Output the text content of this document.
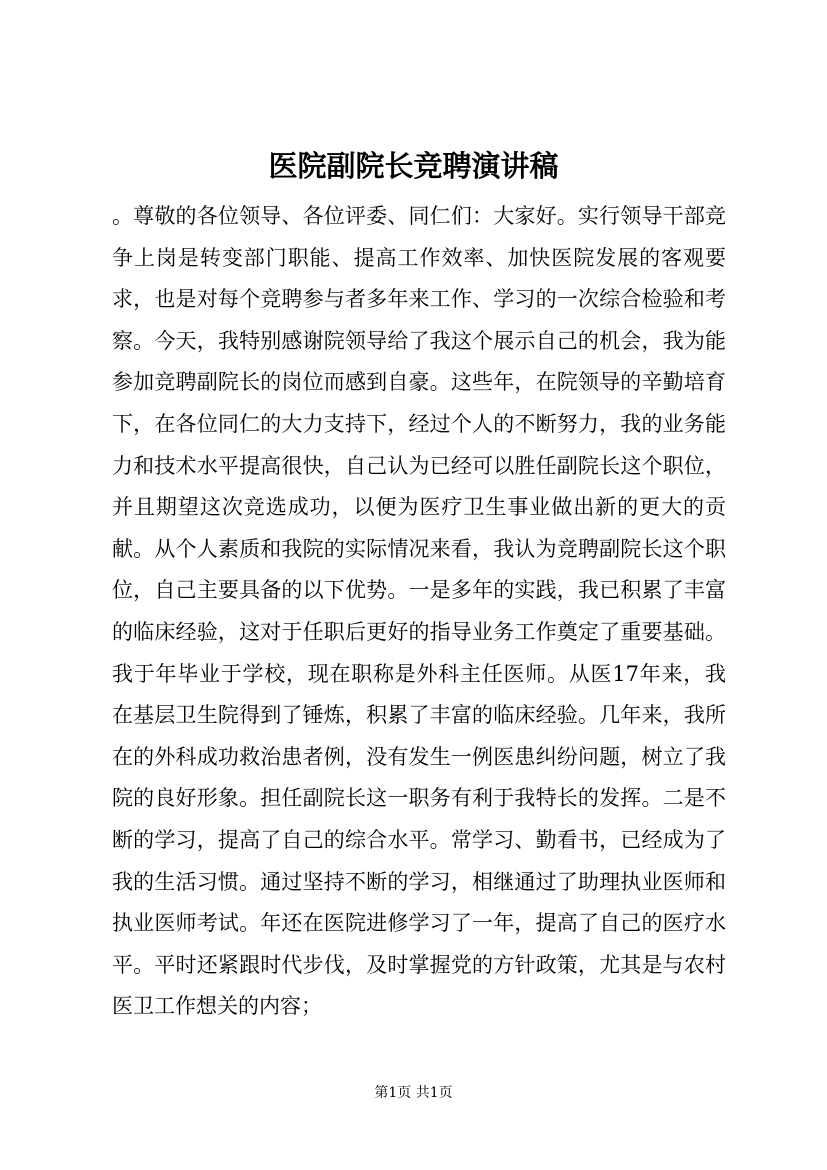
医院副院长竞聘演讲稿

。尊敬的各位领导、各位评委、同仁们：大家好。实行领导干部竞争上岗是转变部门职能、提高工作效率、加快医院发展的客观要求，也是对每个竞聘参与者多年来工作、学习的一次综合检验和考察。今天，我特别感谢院领导给了我这个展示自己的机会，我为能参加竞聘副院长的岗位而感到自豪。这些年，在院领导的辛勤培育下，在各位同仁的大力支持下，经过个人的不断努力，我的业务能力和技术水平提高很快，自己认为已经可以胜任副院长这个职位，并且期望这次竞选成功，以便为医疗卫生事业做出新的更大的贡献。从个人素质和我院的实际情况来看，我认为竞聘副院长这个职位，自己主要具备的以下优势。一是多年的实践，我已积累了丰富的临床经验，这对于任职后更好的指导业务工作奠定了重要基础。我于年毕业于学校，现在职称是外科主任医师。从医17年来，我在基层卫生院得到了锤炼，积累了丰富的临床经验。几年来，我所在的外科成功救治患者例，没有发生一例医患纠纷问题，树立了我院的良好形象。担任副院长这一职务有利于我特长的发挥。二是不断的学习，提高了自己的综合水平。常学习、勤看书，已经成为了我的生活习惯。通过坚持不断的学习，相继通过了助理执业医师和执业医师考试。年还在医院进修学习了一年，提高了自己的医疗水平。平时还紧跟时代步伐，及时掌握党的方针政策，尤其是与农村医卫工作想关的内容；

第1页 共1页
